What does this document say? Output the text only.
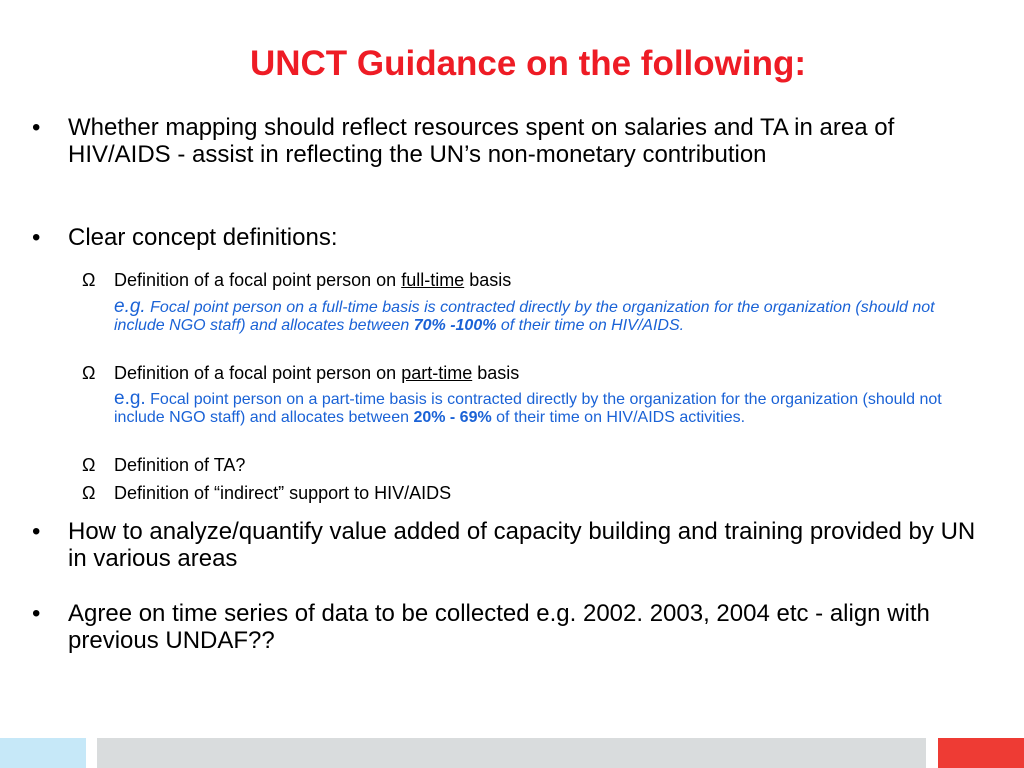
UNCT Guidance on the following:
•	Whether mapping should reflect resources spent on salaries and TA in area of HIV/AIDS - assist in reflecting the UN’s non-monetary contribution
•	Clear concept definitions:
Ω Definition of a focal point person on full-time basis
e.g. Focal point person on a full-time basis is contracted directly by the organization for the organization (should not include NGO staff) and allocates between 70% -100% of their time on HIV/AIDS.
Ω Definition of a focal point person on part-time basis
e.g. Focal point person on a part-time basis is contracted directly by the organization for the organization (should not include NGO staff) and allocates between 20% - 69% of their time on HIV/AIDS activities.
Ω Definition of TA?
Ω Definition of “indirect” support to HIV/AIDS
•	How to analyze/quantify value added of capacity building and training provided by UN in various areas
•	Agree on time series of data to be collected e.g. 2002. 2003, 2004 etc - align with previous UNDAF??
